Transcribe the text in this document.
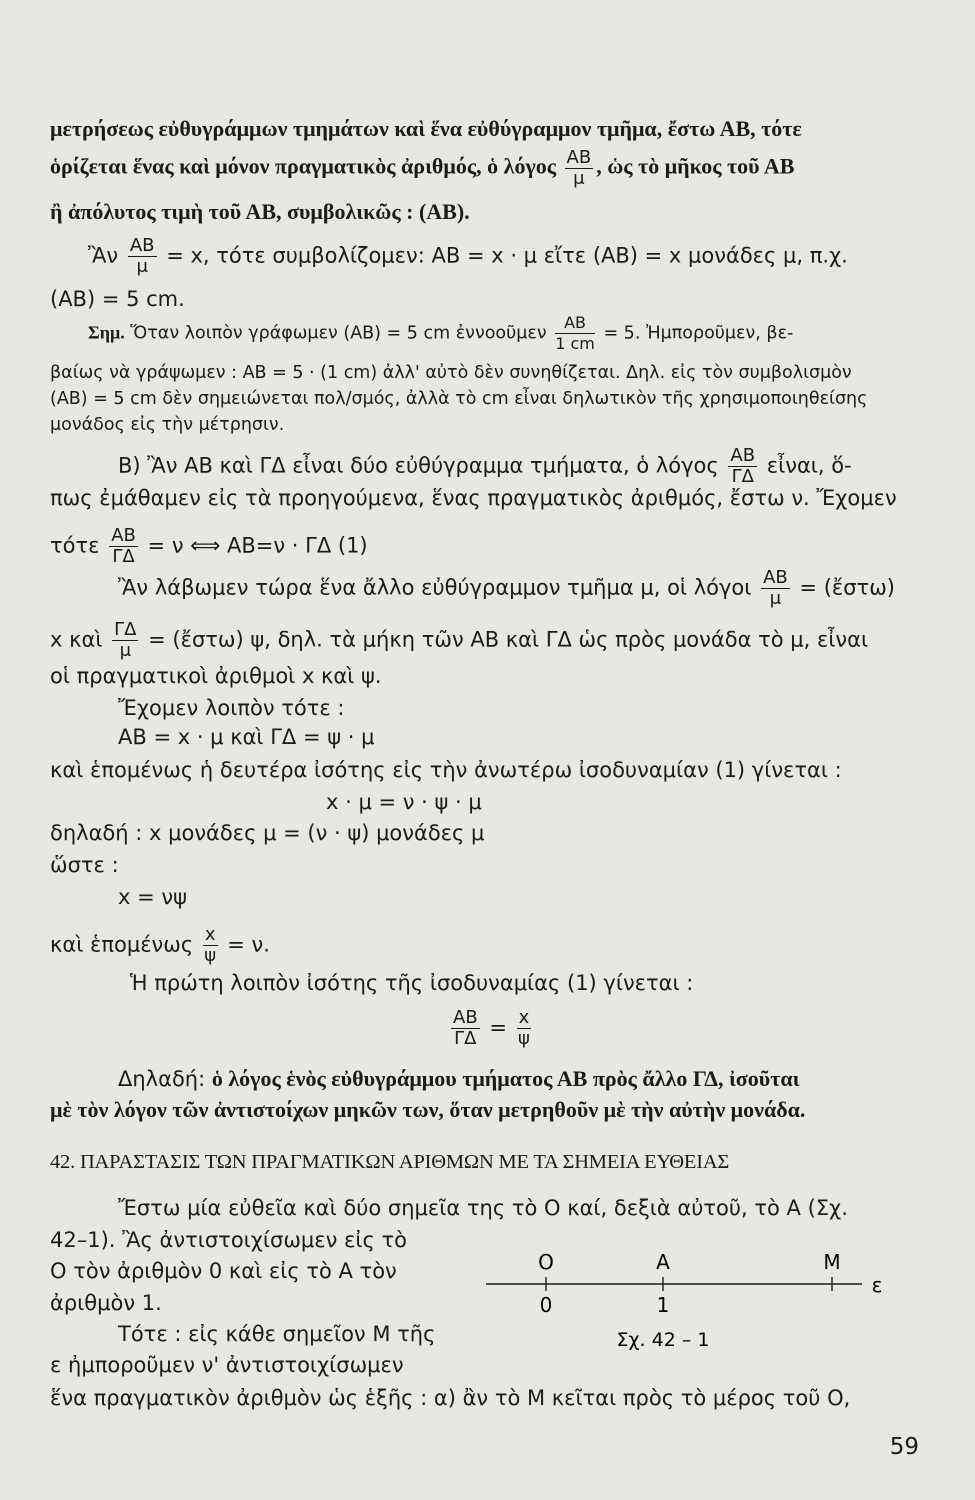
μετρήσεως εὐθυγράμμων τμημάτων καὶ ἕνα εὐθύγραμμον τμῆμα, ἔστω ΑΒ, τότε
ὁρίζεται ἕνας καὶ μόνον πραγματικὸς ἀριθμός, ὁ λόγος $\frac{AB}{\mu}$ , ὡς τὸ μῆκος τοῦ ΑΒ
ἢ ἀπόλυτος τιμὴ τοῦ ΑΒ, συμβολικῶς : (ΑΒ).
Ἂν $\frac{AB}{\mu} = x$, τότε συμβολίζομεν: ΑΒ = x · μ εἴτε (ΑΒ) = x μονάδες μ, π.χ.
(ΑΒ) = 5 cm.
Σημ. Ὅταν λοιπὸν γράφωμεν (ΑΒ) = 5 cm ἐννοοῦμεν $\frac{AB}{1 cm} = 5$. Ἠμποροῦμεν, βε-
βαίως νὰ γράψωμεν : ΑΒ = 5 · (1 cm) ἀλλ' αὐτὸ δὲν συνηθίζεται. Δηλ. εἰς τὸν συμβολισμὸν
(ΑΒ) = 5 cm δὲν σημειώνεται πολ/σμός, ἀλλὰ τὸ cm εἶναι δηλωτικὸν τῆς χρησιμοποιηθείσης
μονάδος εἰς τὴν μέτρησιν.
Β) Ἂν ΑΒ καὶ ΓΔ εἶναι δύο εὐθύγραμμα τμήματα, ὁ λόγος $\frac{AB}{\Gamma\Delta}$ εἶναι, ὅ-
πως ἐμάθαμεν εἰς τὰ προηγούμενα, ἕνας πραγματικὸς ἀριθμός, ἔστω ν. Ἔχομεν
τότε $\frac{AB}{\Gamma\Delta} = \nu$ ⟺ ΑΒ=ν · ΓΔ (1)
Ἂν λάβωμεν τώρα ἕνα ἄλλο εὐθύγραμμον τμῆμα μ, οἱ λόγοι $\frac{AB}{\mu}$ = (ἔστω)
x καὶ $\frac{\Gamma\Delta}{\mu}$ = (ἔστω) ψ, δηλ. τὰ μήκη τῶν ΑΒ καὶ ΓΔ ὡς πρὸς μονάδα τὸ μ, εἶναι
οἱ πραγματικοὶ ἀριθμοὶ x καὶ ψ.
Ἔχομεν λοιπὸν τότε :
ΑΒ = x · μ καὶ ΓΔ = ψ · μ
καὶ ἑπομένως ἡ δευτέρα ἰσότης εἰς τὴν ἀνωτέρω ἰσοδυναμίαν (1) γίνεται :
x · μ = ν · ψ · μ
δηλαδή : x μονάδες μ = (ν · ψ) μονάδες μ
ὥστε :
x = νψ
καὶ ἑπομένως $\frac{x}{\psi} = \nu$.
Ἡ πρώτη λοιπὸν ἰσότης τῆς ἰσοδυναμίας (1) γίνεται :
$\frac{AB}{\Gamma\Delta} = \frac{x}{\psi}$
Δηλαδή: ὁ λόγος ἑνὸς εὐθυγράμμου τμήματος ΑΒ πρὸς ἄλλο ΓΔ, ἰσοῦται
μὲ τὸν λόγον τῶν ἀντιστοίχων μηκῶν των, ὅταν μετρηθοῦν μὲ τὴν αὐτὴν μονάδα.
42. ΠΑΡΑΣΤΑΣΙΣ ΤΩΝ ΠΡΑΓΜΑΤΙΚΩΝ ΑΡΙΘΜΩΝ ΜΕ ΤΑ ΣΗΜΕΙΑ ΕΥΘΕΙΑΣ
Ἔστω μία εὐθεῖα καὶ δύο σημεῖα της τὸ Ο καί, δεξιὰ αὐτοῦ, τὸ Α (Σχ.
42–1). Ἂς ἀντιστοιχίσωμεν εἰς τὸ
Ο τὸν ἀριθμὸν 0 καὶ εἰς τὸ Α τὸν
ἀριθμὸν 1.
Τότε : εἰς κάθε σημεῖον Μ τῆς
ε ἠμποροῦμεν ν' ἀντιστοιχίσωμεν
ἕνα πραγματικὸν ἀριθμὸν ὡς ἑξῆς : α) ἂν τὸ Μ κεῖται πρὸς τὸ μέρος τοῦ Ο,
Ο	Α	Μ
ε
0	1
Σχ. 42 – 1
59
